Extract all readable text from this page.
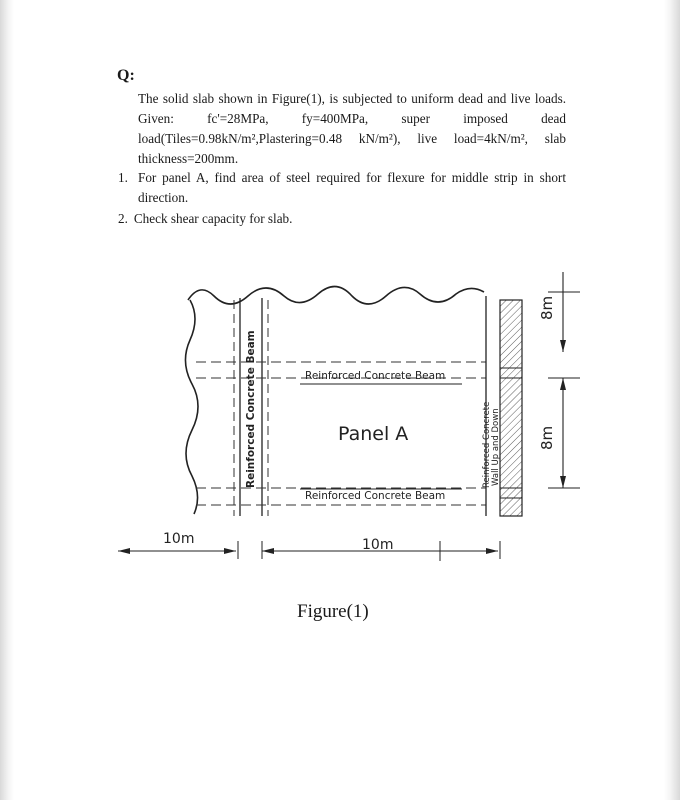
Q:
The solid slab shown in Figure(1), is subjected to uniform dead and live loads. Given: fc'=28MPa, fy=400MPa, super imposed dead load(Tiles=0.98kN/m²,Plastering=0.48 kN/m²), live load=4kN/m², slab thickness=200mm.
1. For panel A, find area of steel required for flexure for middle strip in short direction.
2. Check shear capacity for slab.
Reinforced Concrete Beam
Reinforced Concrete Beam
Panel A
Reinforced Concrete Beam	Reinforced Concrete Wall Up and Down
10m	10m
8m
8m
Figure(1)
